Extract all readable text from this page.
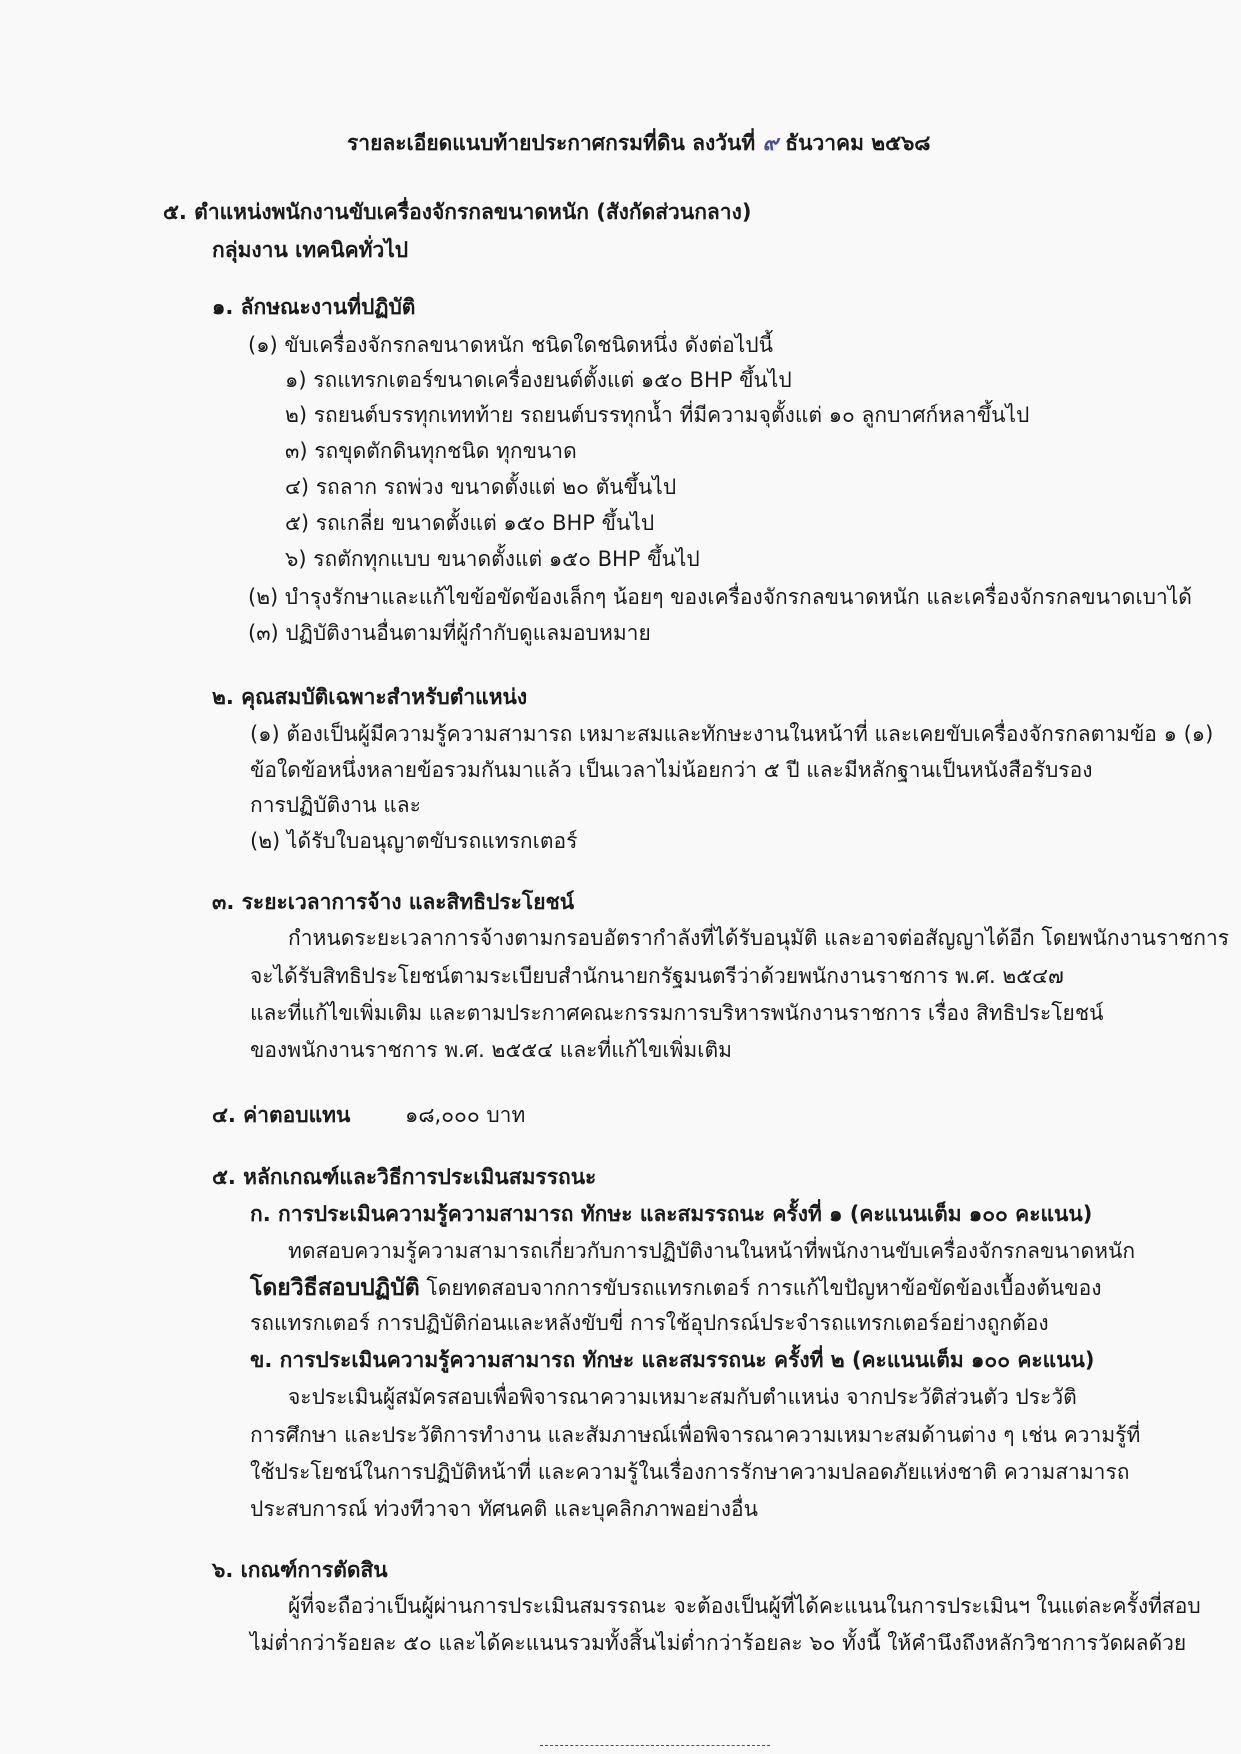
รายละเอียดแนบท้ายประกาศกรมที่ดิน ลงวันที่ ๙ ธันวาคม ๒๕๖๘

๕. ตำแหน่งพนักงานขับเครื่องจักรกลขนาดหนัก (สังกัดส่วนกลาง)

กลุ่มงาน เทคนิคทั่วไป

๑. ลักษณะงานที่ปฏิบัติ

(๑) ขับเครื่องจักรกลขนาดหนัก ชนิดใดชนิดหนึ่ง ดังต่อไปนี้

๑) รถแทรกเตอร์ขนาดเครื่องยนต์ตั้งแต่ ๑๕๐ BHP ขึ้นไป

๒) รถยนต์บรรทุกเททท้าย รถยนต์บรรทุกน้ำ ที่มีความจุตั้งแต่ ๑๐ ลูกบาศก์หลาขึ้นไป

๓) รถขุดตักดินทุกชนิด ทุกขนาด

๔) รถลาก รถพ่วง ขนาดตั้งแต่ ๒๐ ตันขึ้นไป

๕) รถเกลี่ย ขนาดตั้งแต่ ๑๕๐ BHP ขึ้นไป

๖) รถตักทุกแบบ ขนาดตั้งแต่ ๑๕๐ BHP ขึ้นไป

(๒) บำรุงรักษาและแก้ไขข้อขัดข้องเล็กๆ น้อยๆ ของเครื่องจักรกลขนาดหนัก และเครื่องจักรกลขนาดเบาได้

(๓) ปฏิบัติงานอื่นตามที่ผู้กำกับดูแลมอบหมาย

๒. คุณสมบัติเฉพาะสำหรับตำแหน่ง

(๑) ต้องเป็นผู้มีความรู้ความสามารถ เหมาะสมและทักษะงานในหน้าที่ และเคยขับเครื่องจักรกลตามข้อ ๑ (๑)

ข้อใดข้อหนึ่งหลายข้อรวมกันมาแล้ว เป็นเวลาไม่น้อยกว่า ๕ ปี และมีหลักฐานเป็นหนังสือรับรอง

การปฏิบัติงาน และ

(๒) ได้รับใบอนุญาตขับรถแทรกเตอร์

๓. ระยะเวลาการจ้าง และสิทธิประโยชน์

กำหนดระยะเวลาการจ้างตามกรอบอัตรากำลังที่ได้รับอนุมัติ และอาจต่อสัญญาได้อีก โดยพนักงานราชการ

จะได้รับสิทธิประโยชน์ตามระเบียบสำนักนายกรัฐมนตรีว่าด้วยพนักงานราชการ พ.ศ. ๒๕๔๗

และที่แก้ไขเพิ่มเติม และตามประกาศคณะกรรมการบริหารพนักงานราชการ เรื่อง สิทธิประโยชน์

ของพนักงานราชการ พ.ศ. ๒๕๕๔ และที่แก้ไขเพิ่มเติม

๔. ค่าตอบแทน	๑๘,๐๐๐ บาท

๕. หลักเกณฑ์และวิธีการประเมินสมรรถนะ

ก. การประเมินความรู้ความสามารถ ทักษะ และสมรรถนะ ครั้งที่ ๑ (คะแนนเต็ม ๑๐๐ คะแนน)

ทดสอบความรู้ความสามารถเกี่ยวกับการปฏิบัติงานในหน้าที่พนักงานขับเครื่องจักรกลขนาดหนัก

โดยวิธีสอบปฏิบัติ โดยทดสอบจากการขับรถแทรกเตอร์ การแก้ไขปัญหาข้อขัดข้องเบื้องต้นของ

รถแทรกเตอร์ การปฏิบัติก่อนและหลังขับขี่ การใช้อุปกรณ์ประจำรถแทรกเตอร์อย่างถูกต้อง

ข. การประเมินความรู้ความสามารถ ทักษะ และสมรรถนะ ครั้งที่ ๒ (คะแนนเต็ม ๑๐๐ คะแนน)

จะประเมินผู้สมัครสอบเพื่อพิจารณาความเหมาะสมกับตำแหน่ง จากประวัติส่วนตัว ประวัติ

การศึกษา และประวัติการทำงาน และสัมภาษณ์เพื่อพิจารณาความเหมาะสมด้านต่าง ๆ เช่น ความรู้ที่

ใช้ประโยชน์ในการปฏิบัติหน้าที่ และความรู้ในเรื่องการรักษาความปลอดภัยแห่งชาติ ความสามารถ

ประสบการณ์ ท่วงทีวาจา ทัศนคติ และบุคลิกภาพอย่างอื่น

๖. เกณฑ์การตัดสิน

ผู้ที่จะถือว่าเป็นผู้ผ่านการประเมินสมรรถนะ จะต้องเป็นผู้ที่ได้คะแนนในการประเมินฯ ในแต่ละครั้งที่สอบ

ไม่ต่ำกว่าร้อยละ ๕๐ และได้คะแนนรวมทั้งสิ้นไม่ต่ำกว่าร้อยละ ๖๐ ทั้งนี้ ให้คำนึงถึงหลักวิชาการวัดผลด้วย
